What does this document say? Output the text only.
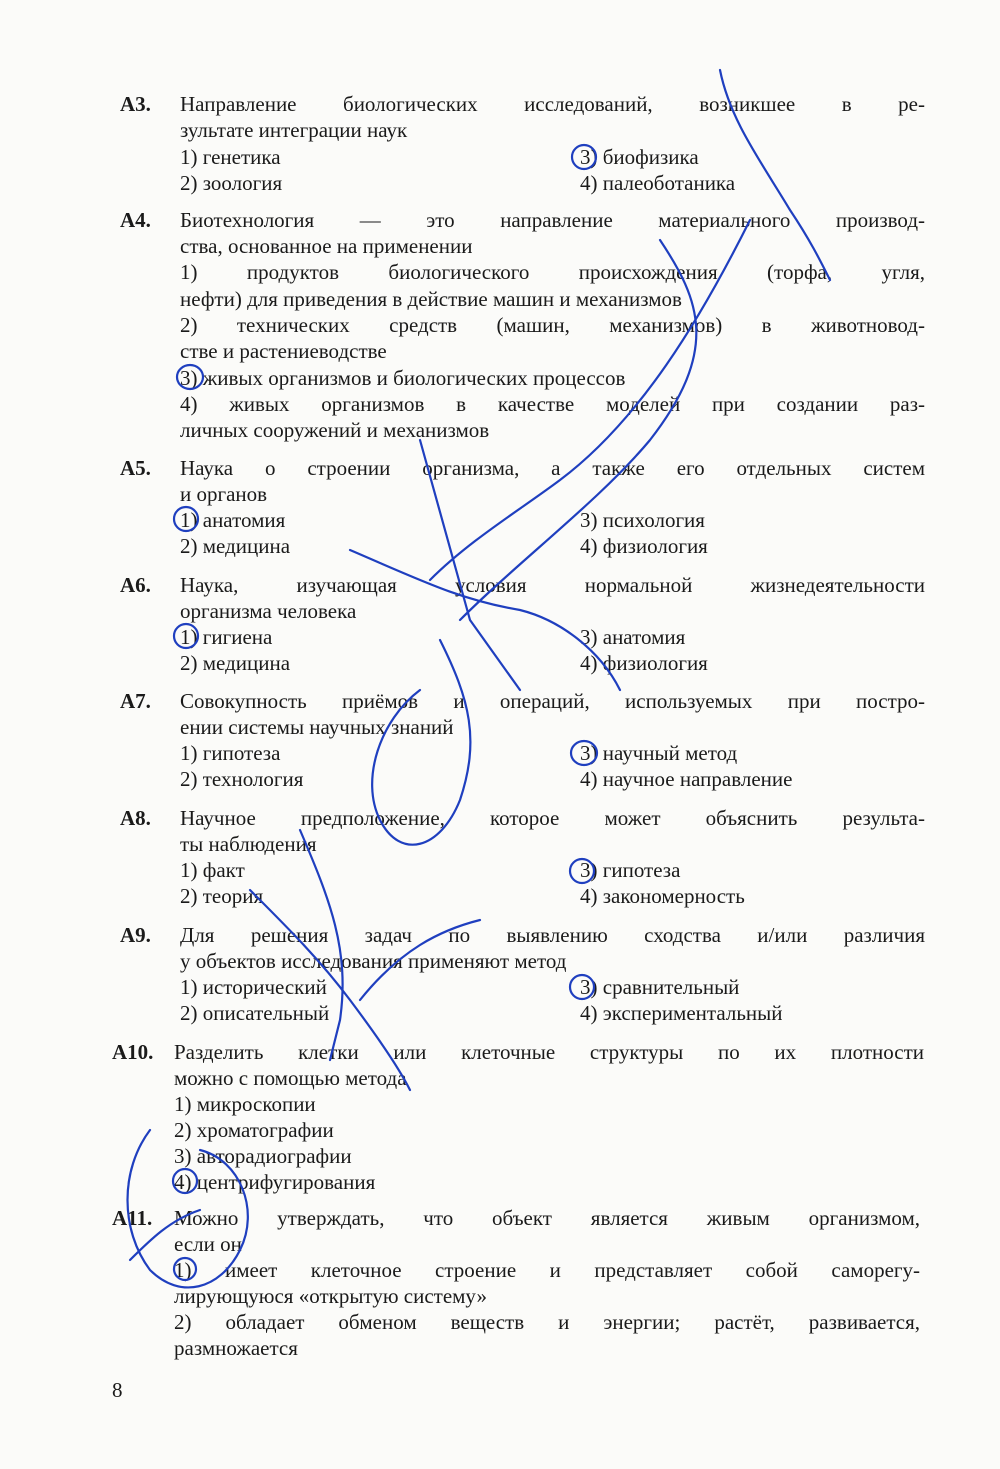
A3. Направление биологических исследований, возникшее в ре-
зультате интеграции наук
1) генетика	3) биофизика
2) зоология	4) палеоботаника
A4. Биотехнология — это направление материального производ-
ства, основанное на применении
1) продуктов биологического происхождения (торфа, угля,
нефти) для приведения в действие машин и механизмов
2) технических средств (машин, механизмов) в животновод-
стве и растениеводстве
3) живых организмов и биологических процессов
4) живых организмов в качестве моделей при создании раз-
личных сооружений и механизмов
A5. Наука о строении организма, а также его отдельных систем
и органов
1) анатомия	3) психология
2) медицина	4) физиология
A6. Наука, изучающая условия нормальной жизнедеятельности
организма человека
1) гигиена	3) анатомия
2) медицина	4) физиология
A7. Совокупность приёмов и операций, используемых при постро-
ении системы научных знаний
1) гипотеза	3) научный метод
2) технология	4) научное направление
A8. Научное предположение, которое может объяснить результа-
ты наблюдения
1) факт	3) гипотеза
2) теория	4) закономерность
A9. Для решения задач по выявлению сходства и/или различия
у объектов исследования применяют метод
1) исторический	3) сравнительный
2) описательный	4) экспериментальный
A10. Разделить клетки или клеточные структуры по их плотности
можно с помощью метода
1) микроскопии
2) хроматографии
3) авторадиографии
4) центрифугирования
A11. Можно утверждать, что объект является живым организмом,
если он
1) имеет клеточное строение и представляет собой саморегу-
лирующуюся «открытую систему»
2) обладает обменом веществ и энергии; растёт, развивается,
размножается
8
